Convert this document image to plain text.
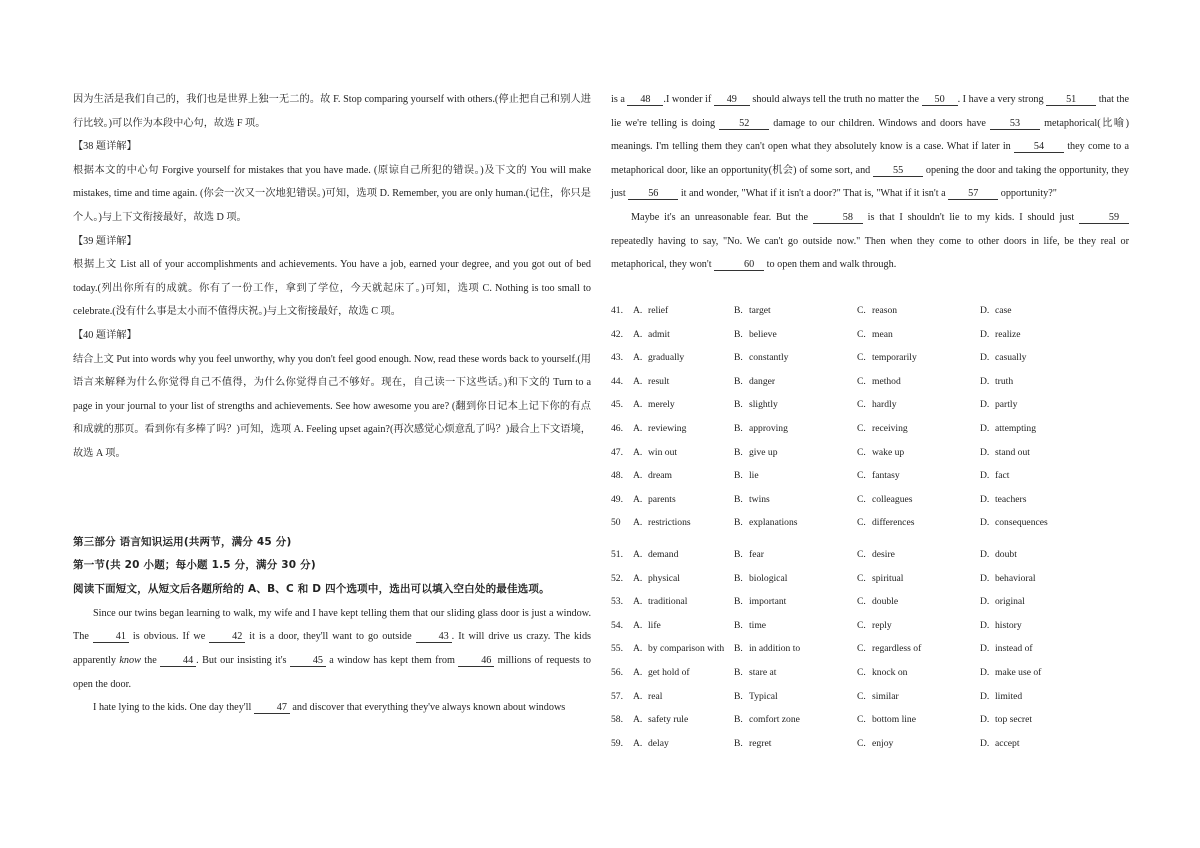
因为生活是我们自己的，我们也是世界上独一无二的。故 F. Stop comparing yourself with others.(停止把自己和别人进行比较。)可以作为本段中心句，故选 F 项。

【38 题详解】

根据本文的中心句 Forgive yourself for mistakes that you have made. (原谅自己所犯的错误。)及下文的 You will make mistakes, time and time again. (你会一次又一次地犯错误。)可知，选项 D. Remember, you are only human.(记住，你只是个人。)与上下文衔接最好，故选 D 项。

【39 题详解】

根据上文 List all of your accomplishments and achievements. You have a job, earned your degree, and you got out of bed today.(列出你所有的成就。你有了一份工作，拿到了学位，今天就起床了。)可知，选项 C. Nothing is too small to celebrate.(没有什么事是太小而不值得庆祝。)与上文衔接最好，故选 C 项。

【40 题详解】

结合上文 Put into words why you feel unworthy, why you don't feel good enough. Now, read these words back to yourself.(用语言来解释为什么你觉得自己不值得，为什么你觉得自己不够好。现在，自己读一下这些话。)和下文的 Turn to a page in your journal to your list of strengths and achievements. See how awesome you are? (翻到你日记本上记下你的有点和成就的那页。看到你有多棒了吗？)可知，选项 A. Feeling upset again?(再次感觉心烦意乱了吗？)最合上下文语境，故选 A 项。

第三部分 语言知识运用(共两节，满分 45 分)

第一节(共 20 小题；每小题 1.5 分，满分 30 分)

阅读下面短文，从短文后各题所给的 A、B、C 和 D 四个选项中，选出可以填入空白处的最佳选项。

Since our twins began learning to walk, my wife and I have kept telling them that our sliding glass door is just a window. The 41 is obvious. If we 42 it is a door, they'll want to go outside 43 . It will drive us crazy. The kids apparently know the 44 . But our insisting it's 45 a window has kept them from 46 millions of requests to open the door.

I hate lying to the kids. One day they'll 47 and discover that everything they've always known about windows

is a 48 .I wonder if 49 should always tell the truth no matter the 50 . I have a very strong 51 that the lie we're telling is doing 52 damage to our children. Windows and doors have 53 metaphorical(比喻) meanings. I'm telling them they can't open what they absolutely know is a case. What if later in 54 they come to a metaphorical door, like an opportunity(机会) of some sort, and 55 opening the door and taking the opportunity, they just 56 it and wonder, "What if it isn't a door?" That is, "What if it isn't a 57 opportunity?"

Maybe it's an unreasonable fear. But the	58 is that I shouldn't lie to my kids. I should just	59 repeatedly having to say, "No. We can't go outside now." Then when they come to other doors in life, be they real or metaphorical, they won't	60 to open them and walk through.

41. A. relief	B. target	C. reason	D. case
42. A. admit	B. believe	C. mean	D. realize
43. A. gradually	B. constantly	C. temporarily	D. casually
44. A. result	B. danger	C. method	D. truth
45. A. merely	B. slightly	C. hardly	D. partly
46. A. reviewing	B. approving	C. receiving	D. attempting
47. A. win out	B. give up	C. wake up	D. stand out
48. A. dream	B. lie	C. fantasy	D. fact
49. A. parents	B. twins	C. colleagues	D. teachers
50 A. restrictions	B. explanations	C. differences	D. consequences
51. A. demand	B. fear	C. desire	D. doubt
52. A. physical	B. biological	C. spiritual	D. behavioral
53. A. traditional	B. important	C. double	D. original
54. A. life	B. time	C. reply	D. history
55. A. by comparison with B. in addition to	C. regardless of	D. instead of
56. A. get hold of	B. stare at	C. knock on	D. make use of
57. A. real	B. Typical	C. similar	D. limited
58. A. safety rule	B. comfort zone	C. bottom line	D. top secret
59. A. delay	B. regret	C. enjoy	D. accept
